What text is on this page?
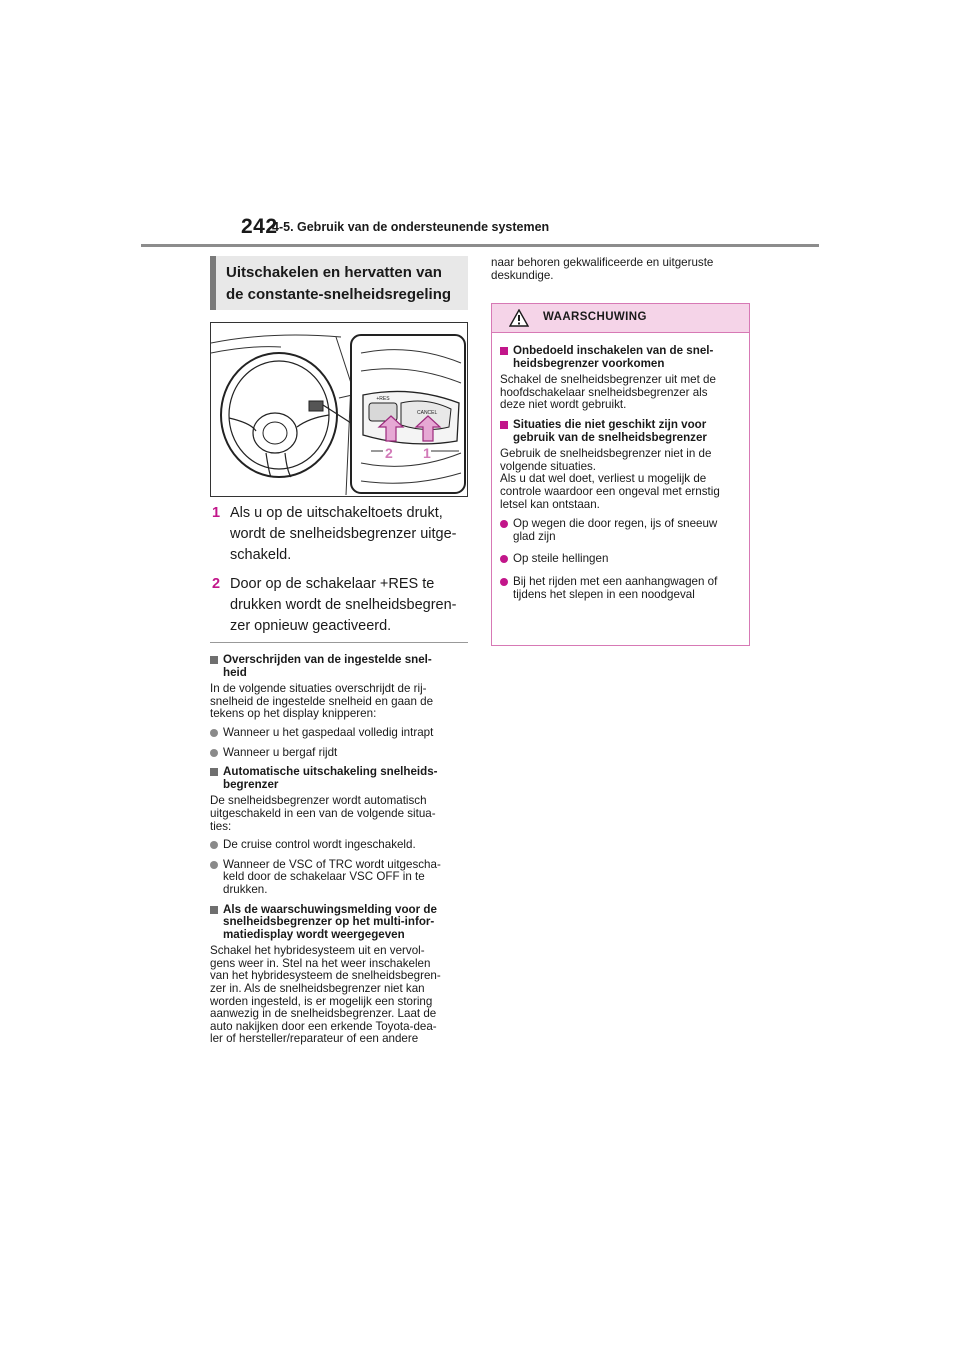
242
4-5. Gebruik van de ondersteunende systemen
Uitschakelen en hervatten van
de constante-snelheidsregeling
+RES
CANCEL
2 1
1 Als u op de uitschakeltoets drukt,
wordt de snelheidsbegrenzer uitge-
schakeld.
2 Door op de schakelaar +RES te
drukken wordt de snelheidsbegren-
zer opnieuw geactiveerd.
Overschrijden van de ingestelde snel-
heid
In de volgende situaties overschrijdt de rij-
snelheid de ingestelde snelheid en gaan de
tekens op het display knipperen:
Wanneer u het gaspedaal volledig intrapt
Wanneer u bergaf rijdt
Automatische uitschakeling snelheids-
begrenzer
De snelheidsbegrenzer wordt automatisch
uitgeschakeld in een van de volgende situa-
ties:
De cruise control wordt ingeschakeld.
Wanneer de VSC of TRC wordt uitgescha-
keld door de schakelaar VSC OFF in te
drukken.
Als de waarschuwingsmelding voor de
snelheidsbegrenzer op het multi-infor-
matiedisplay wordt weergegeven
Schakel het hybridesysteem uit en vervol-
gens weer in. Stel na het weer inschakelen
van het hybridesysteem de snelheidsbegren-
zer in. Als de snelheidsbegrenzer niet kan
worden ingesteld, is er mogelijk een storing
aanwezig in de snelheidsbegrenzer. Laat de
auto nakijken door een erkende Toyota-dea-
ler of hersteller/reparateur of een andere
naar behoren gekwalificeerde en uitgeruste
deskundige.
WAARSCHUWING
Onbedoeld inschakelen van de snel-
heidsbegrenzer voorkomen
Schakel de snelheidsbegrenzer uit met de
hoofdschakelaar snelheidsbegrenzer als
deze niet wordt gebruikt.
Situaties die niet geschikt zijn voor
gebruik van de snelheidsbegrenzer
Gebruik de snelheidsbegrenzer niet in de
volgende situaties.
Als u dat wel doet, verliest u mogelijk de
controle waardoor een ongeval met ernstig
letsel kan ontstaan.
Op wegen die door regen, ijs of sneeuw
glad zijn
Op steile hellingen
Bij het rijden met een aanhangwagen of
tijdens het slepen in een noodgeval
